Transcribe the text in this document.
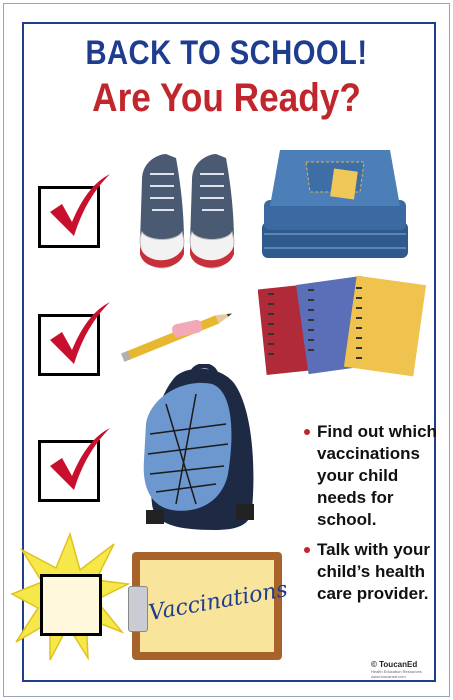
BACK TO SCHOOL!
Are You Ready?
Vaccinations
Find out which vaccinations your child needs for school.
Talk with your child’s health care provider.
© ToucanEd
Health Education Resources
www.toucaned.com
